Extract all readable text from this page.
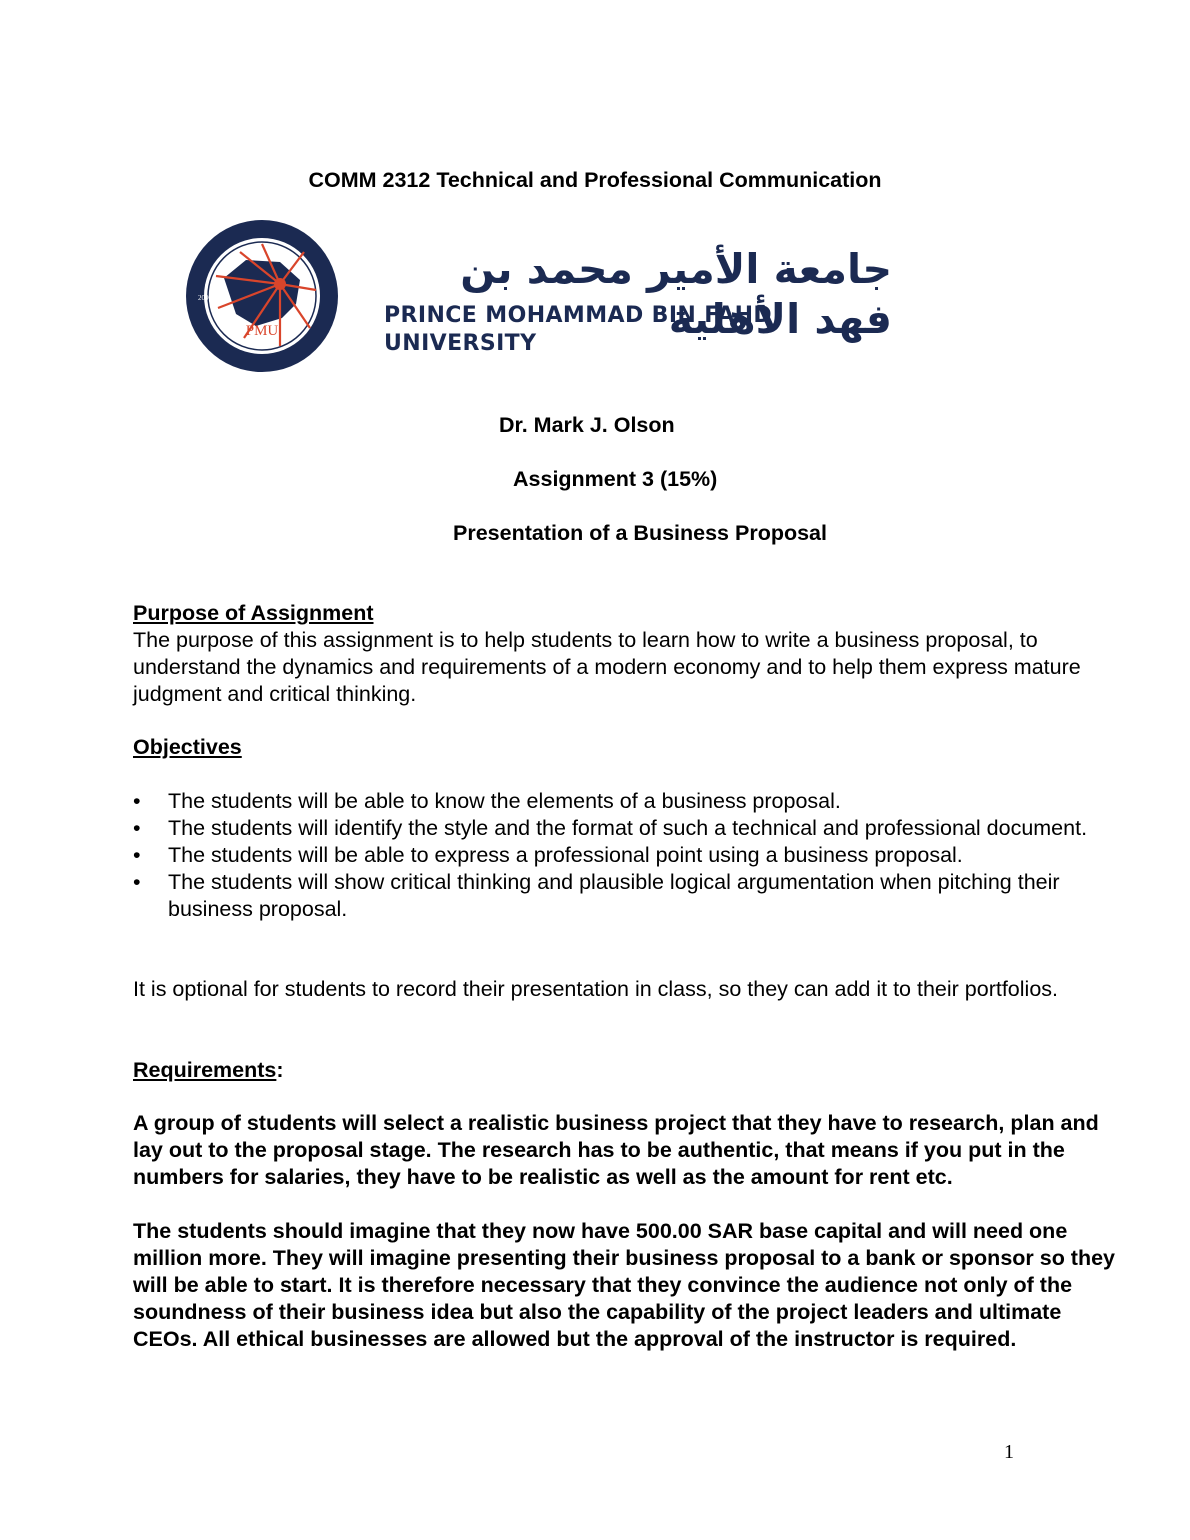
COMM 2312 Technical and Professional Communication
PMU
2006
جامعة الأمير محمد بن فهد الأهلية
PRINCE MOHAMMAD BIN FAHD UNIVERSITY
Dr. Mark J. Olson
Assignment 3 (15%)
Presentation of a Business Proposal
Purpose of Assignment
The purpose of this assignment is to help students to learn how to write a business proposal, to understand the dynamics and requirements of a modern economy and to help them express mature judgment and critical thinking.
Objectives
•	The students will be able to know the elements of a business proposal.
•	The students will identify the style and the format of such a technical and professional document.
•	The students will be able to express a professional point using a business proposal.
•	The students will show critical thinking and plausible logical argumentation when pitching their business proposal.
It is optional for students to record their presentation in class, so they can add it to their portfolios.
Requirements:
A group of students will select a realistic business project that they have to research, plan and lay out to the proposal stage. The research has to be authentic, that means if you put in the numbers for salaries, they have to be realistic as well as the amount for rent etc.
The students should imagine that they now have 500.00 SAR base capital and will need one million more. They will imagine presenting their business proposal to a bank or sponsor so they will be able to start. It is therefore necessary that they convince the audience not only of the soundness of their business idea but also the capability of the project leaders and ultimate CEOs. All ethical businesses are allowed but the approval of the instructor is required.
1
